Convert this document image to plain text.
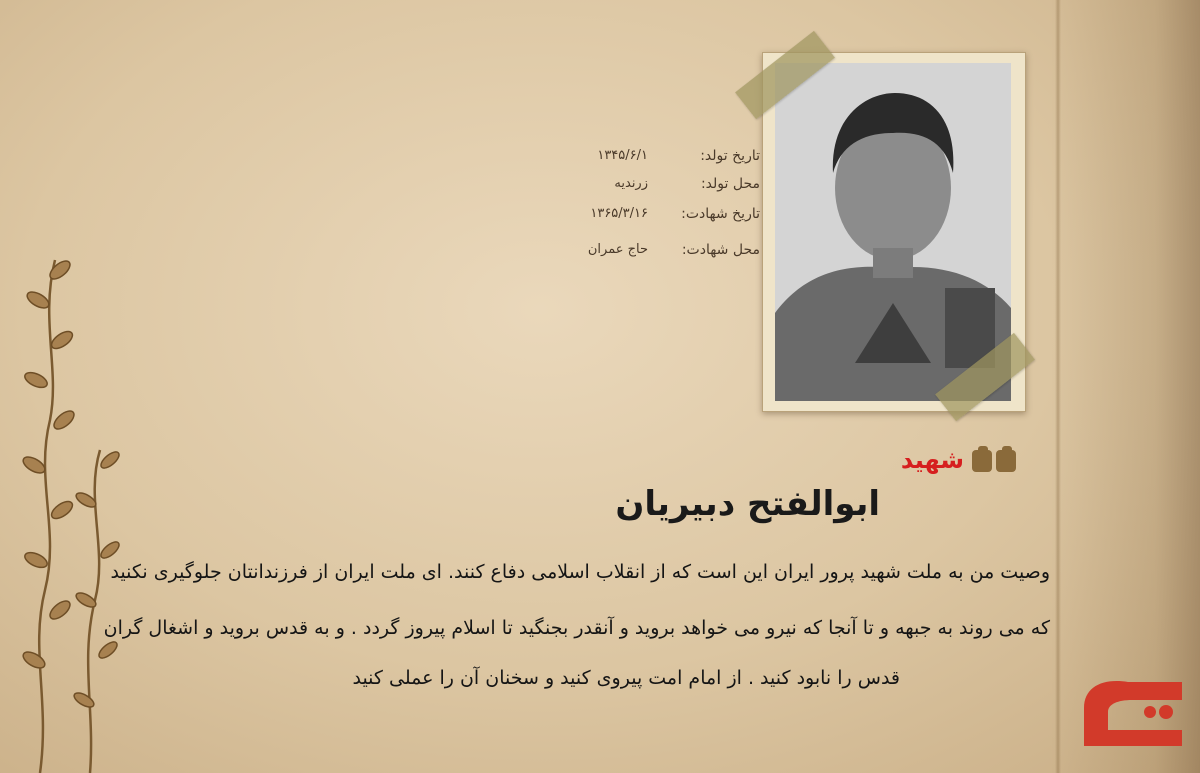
تاریخ تولد:
۱۳۴۵/۶/۱
محل تولد:
زرندیه
تاریخ شهادت:
۱۳۶۵/۳/۱۶
محل شهادت:
حاج عمران
شهید
ابوالفتح دبیریان
وصیت من به ملت شهید پرور ایران این است که از انقلاب اسلامی دفاع کنند. ای ملت ایران از فرزندانتان جلوگیری نکنید
که می روند به جبهه و تا آنجا که نیرو می خواهد بروید و آنقدر بجنگید تا اسلام پیروز گردد . و به قدس بروید و اشغال گران
قدس را نابود کنید . از امام امت پیروی کنید و سخنان آن را عملی کنید
